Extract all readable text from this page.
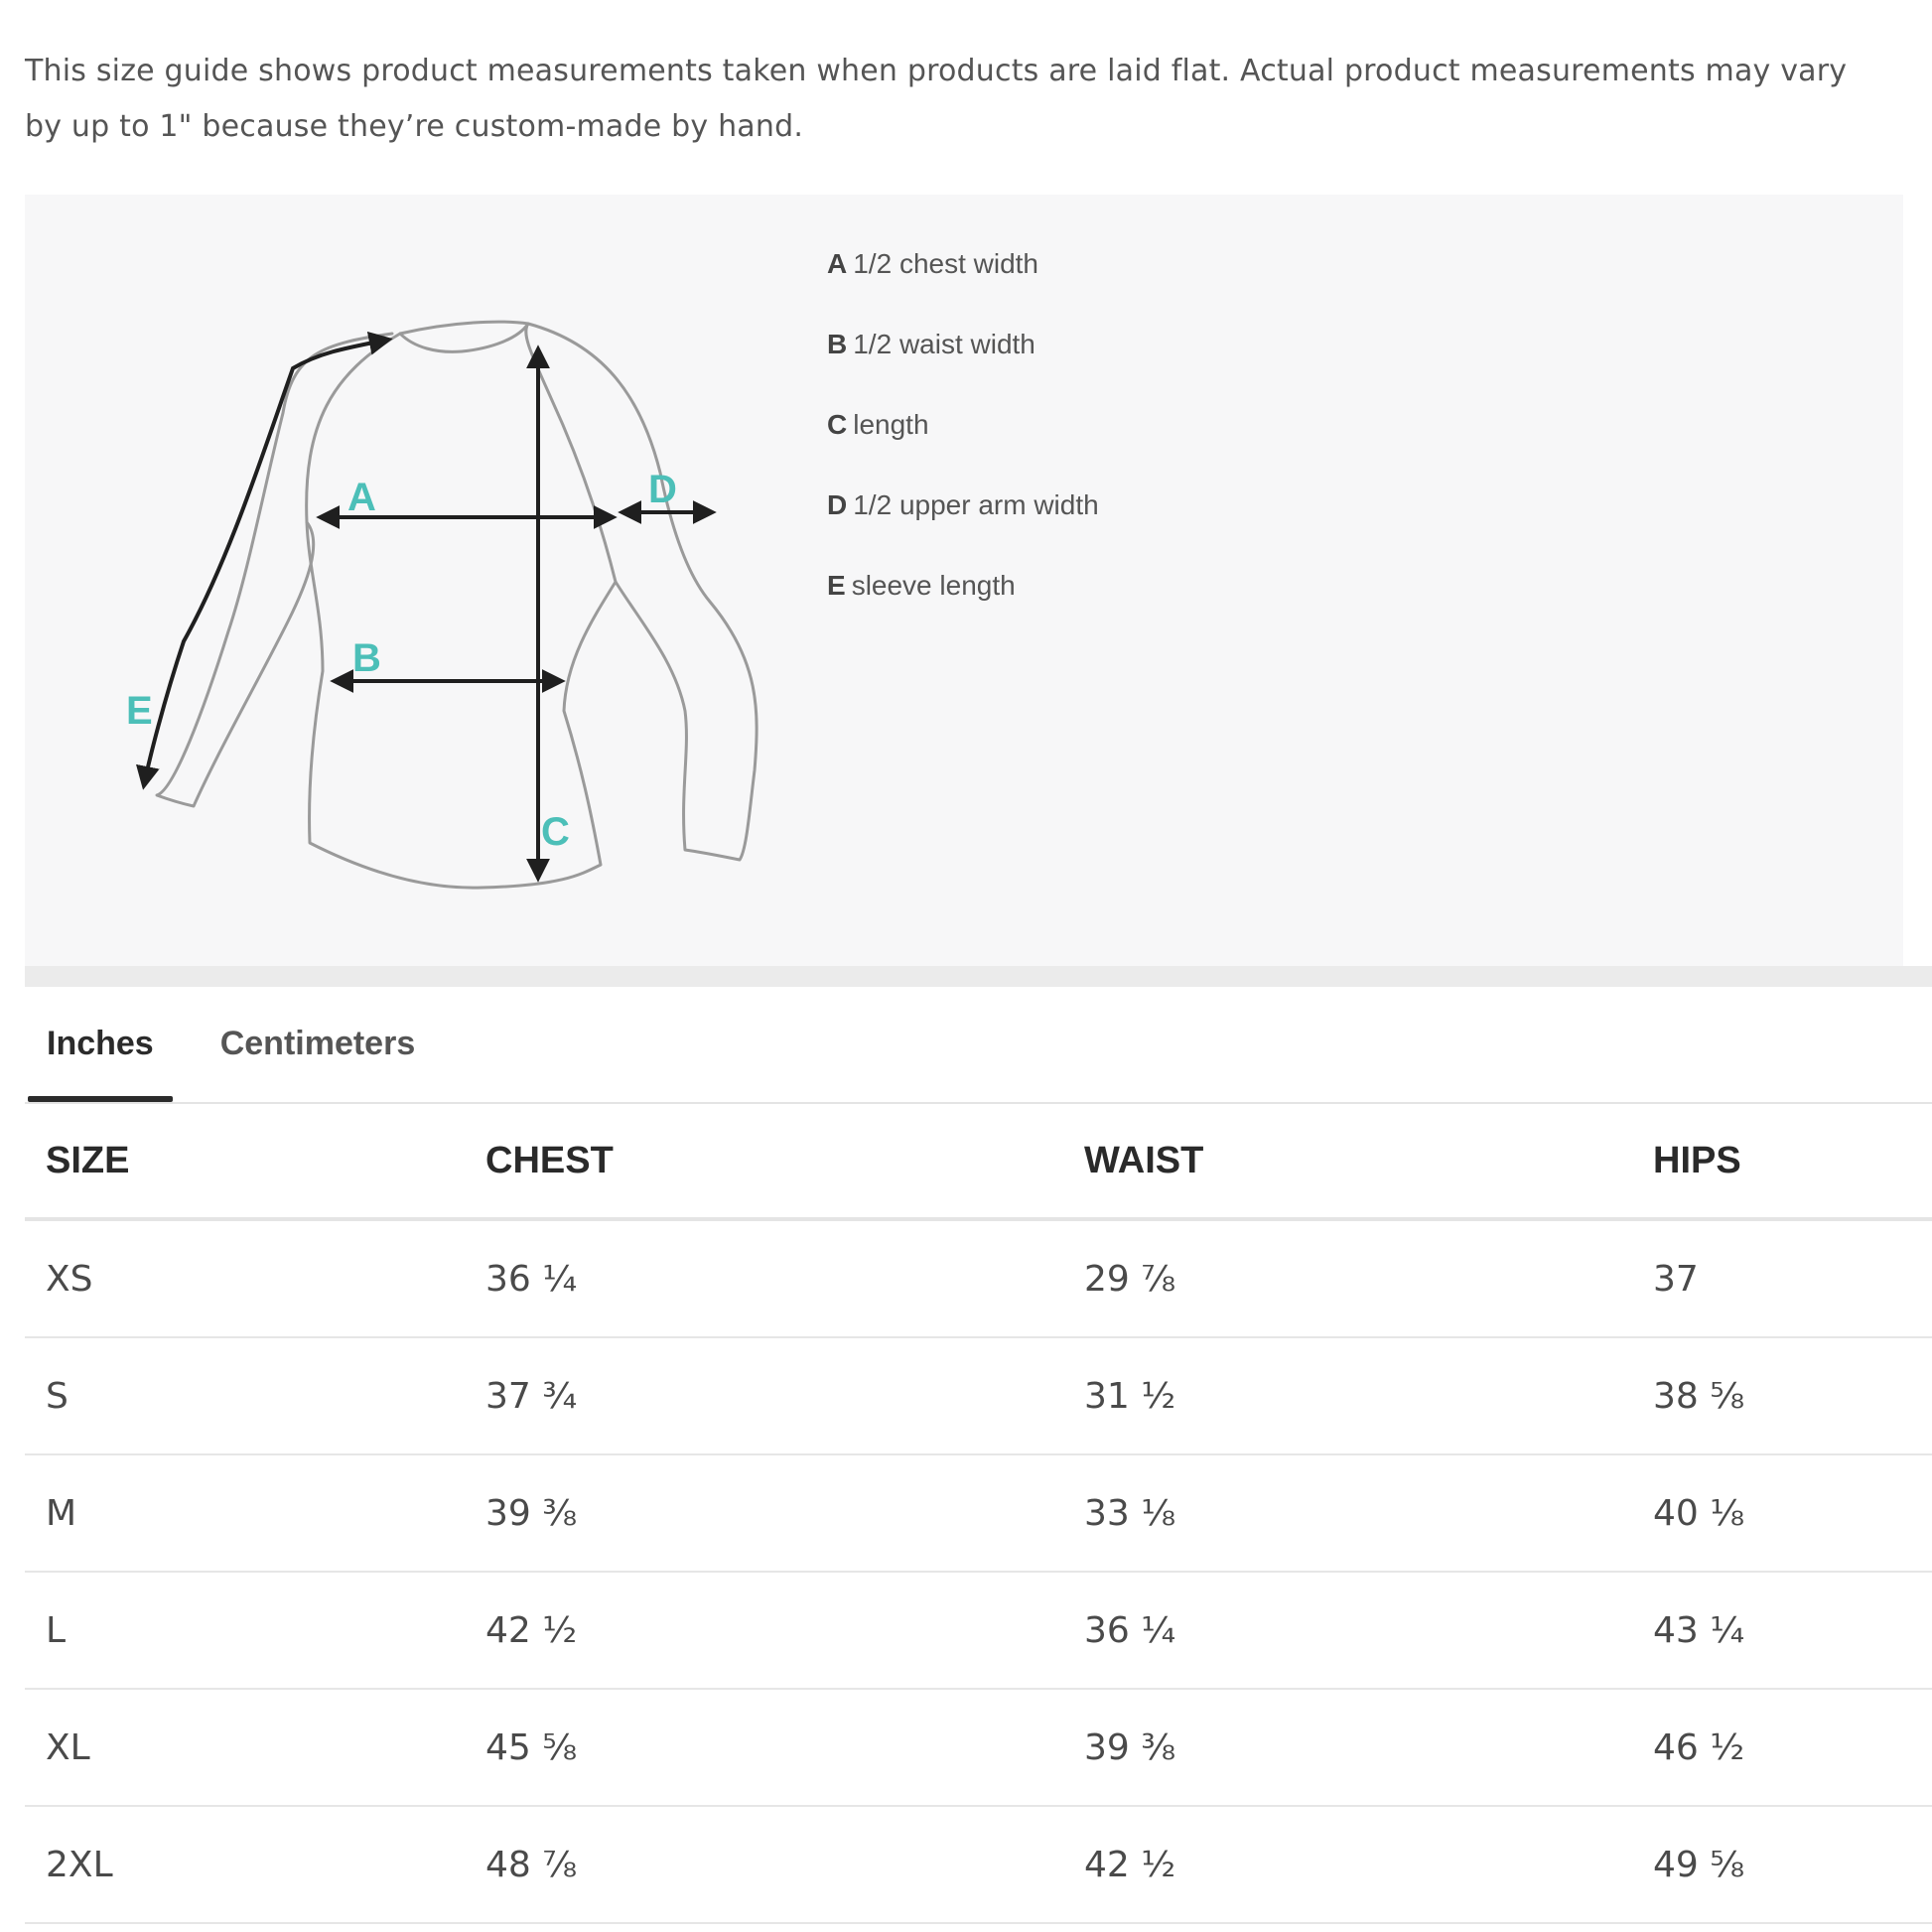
This size guide shows product measurements taken when products are laid flat. Actual product measurements may vary by up to 1" because they’re custom-made by hand.

A
B
C
D
E
A 1/2 chest width
B 1/2 waist width
C length
D 1/2 upper arm width
E sleeve length
Inches	Centimeters
SIZE	CHEST	WAIST	HIPS
XS	36 ¼	29 ⅞	37
S	37 ¾	31 ½	38 ⅝
M	39 ⅜	33 ⅛	40 ⅛
L	42 ½	36 ¼	43 ¼
XL	45 ⅝	39 ⅜	46 ½
2XL	48 ⅞	42 ½	49 ⅝
